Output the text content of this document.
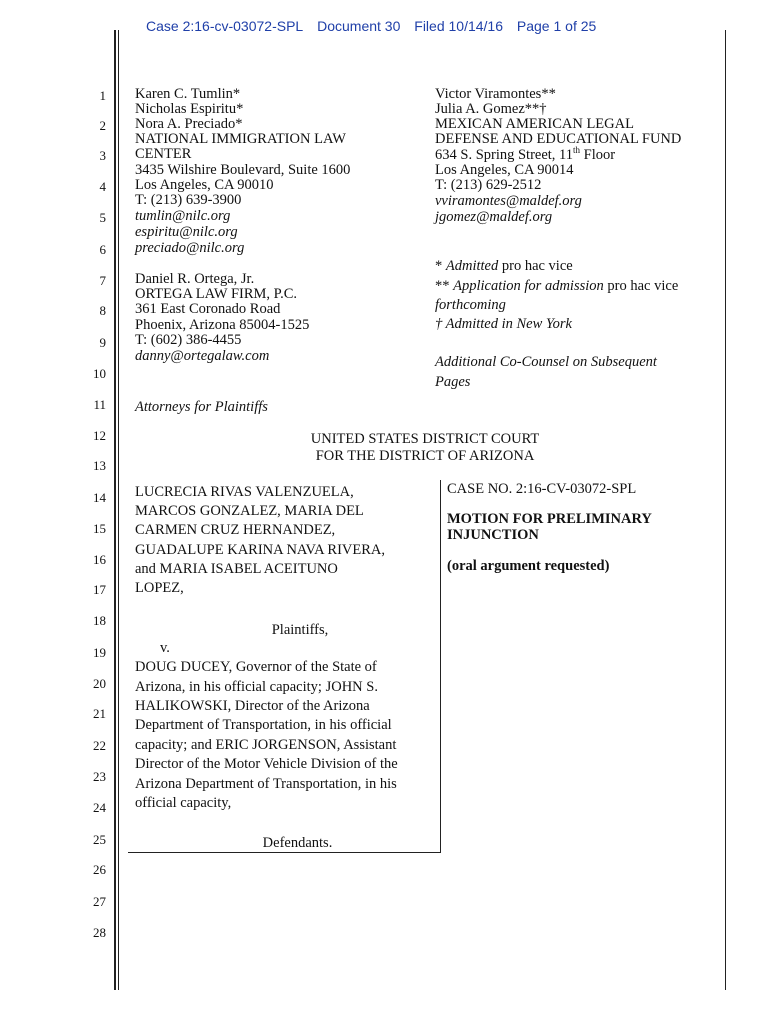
Case 2:16-cv-03072-SPL Document 30 Filed 10/14/16 Page 1 of 25
1
2
3
4
5
6
7
8
9
10
11
12
13
14
15
16
17
18
19
20
21
22
23
24
25
26
27
28
Karen C. Tumlin*
Nicholas Espiritu*
Nora A. Preciado*
NATIONAL IMMIGRATION LAW
CENTER
3435 Wilshire Boulevard, Suite 1600
Los Angeles, CA 90010
T: (213) 639-3900
tumlin@nilc.org
espiritu@nilc.org
preciado@nilc.org
Daniel R. Ortega, Jr.
ORTEGA LAW FIRM, P.C.
361 East Coronado Road
Phoenix, Arizona 85004-1525
T: (602) 386-4455
danny@ortegalaw.com
Attorneys for Plaintiffs
Victor Viramontes**
Julia A. Gomez**†
MEXICAN AMERICAN LEGAL
DEFENSE AND EDUCATIONAL FUND
634 S. Spring Street, 11th Floor
Los Angeles, CA 90014
T: (213) 629-2512
vviramontes@maldef.org
jgomez@maldef.org
* Admitted pro hac vice
** Application for admission pro hac vice
forthcoming
† Admitted in New York
Additional Co-Counsel on Subsequent
Pages
UNITED STATES DISTRICT COURT
FOR THE DISTRICT OF ARIZONA
LUCRECIA RIVAS VALENZUELA,
MARCOS GONZALEZ, MARIA DEL
CARMEN CRUZ HERNANDEZ,
GUADALUPE KARINA NAVA RIVERA,
and MARIA ISABEL ACEITUNO
LOPEZ,
Plaintiffs,
v.
DOUG DUCEY, Governor of the State of
Arizona, in his official capacity; JOHN S.
HALIKOWSKI, Director of the Arizona
Department of Transportation, in his official
capacity; and ERIC JORGENSON, Assistant
Director of the Motor Vehicle Division of the
Arizona Department of Transportation, in his
official capacity,
Defendants.
CASE NO. 2:16-CV-03072-SPL
MOTION FOR PRELIMINARY
INJUNCTION
(oral argument requested)
